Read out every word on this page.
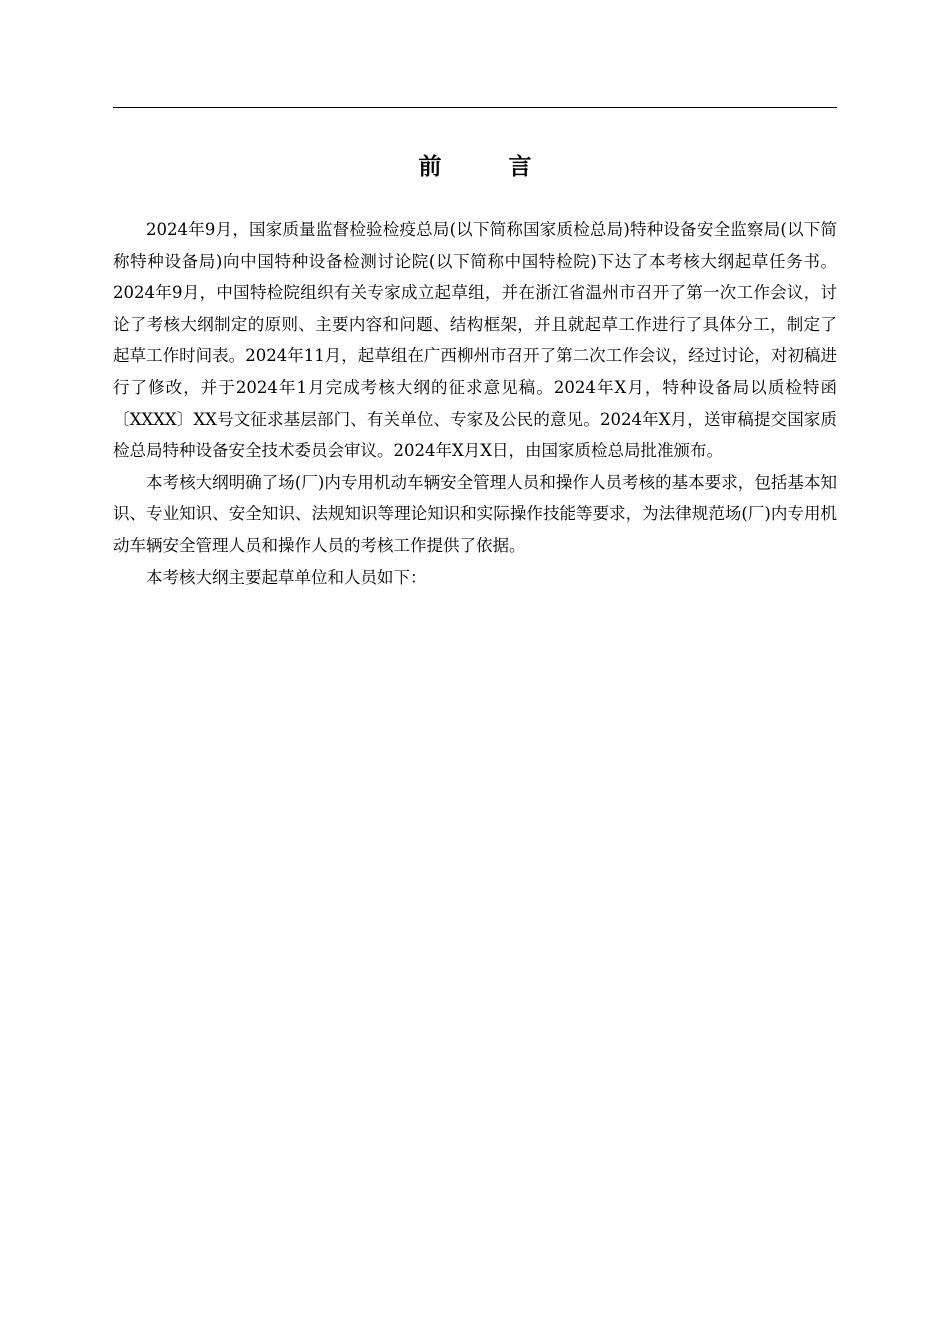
前　言

2024年9月，国家质量监督检验检疫总局(以下简称国家质检总局)特种设备安全监察局(以下简称特种设备局)向中国特种设备检测讨论院(以下简称中国特检院)下达了本考核大纲起草任务书。2024年9月，中国特检院组织有关专家成立起草组，并在浙江省温州市召开了第一次工作会议，讨论了考核大纲制定的原则、主要内容和问题、结构框架，并且就起草工作进行了具体分工，制定了起草工作时间表。2024年11月，起草组在广西柳州市召开了第二次工作会议，经过讨论，对初稿进行了修改，并于2024年1月完成考核大纲的征求意见稿。2024年X月，特种设备局以质检特函〔XXXX〕XX号文征求基层部门、有关单位、专家及公民的意见。2024年X月，送审稿提交国家质检总局特种设备安全技术委员会审议。2024年X月X日，由国家质检总局批准颁布。

本考核大纲明确了场(厂)内专用机动车辆安全管理人员和操作人员考核的基本要求，包括基本知识、专业知识、安全知识、法规知识等理论知识和实际操作技能等要求，为法律规范场(厂)内专用机动车辆安全管理人员和操作人员的考核工作提供了依据。

本考核大纲主要起草单位和人员如下：
